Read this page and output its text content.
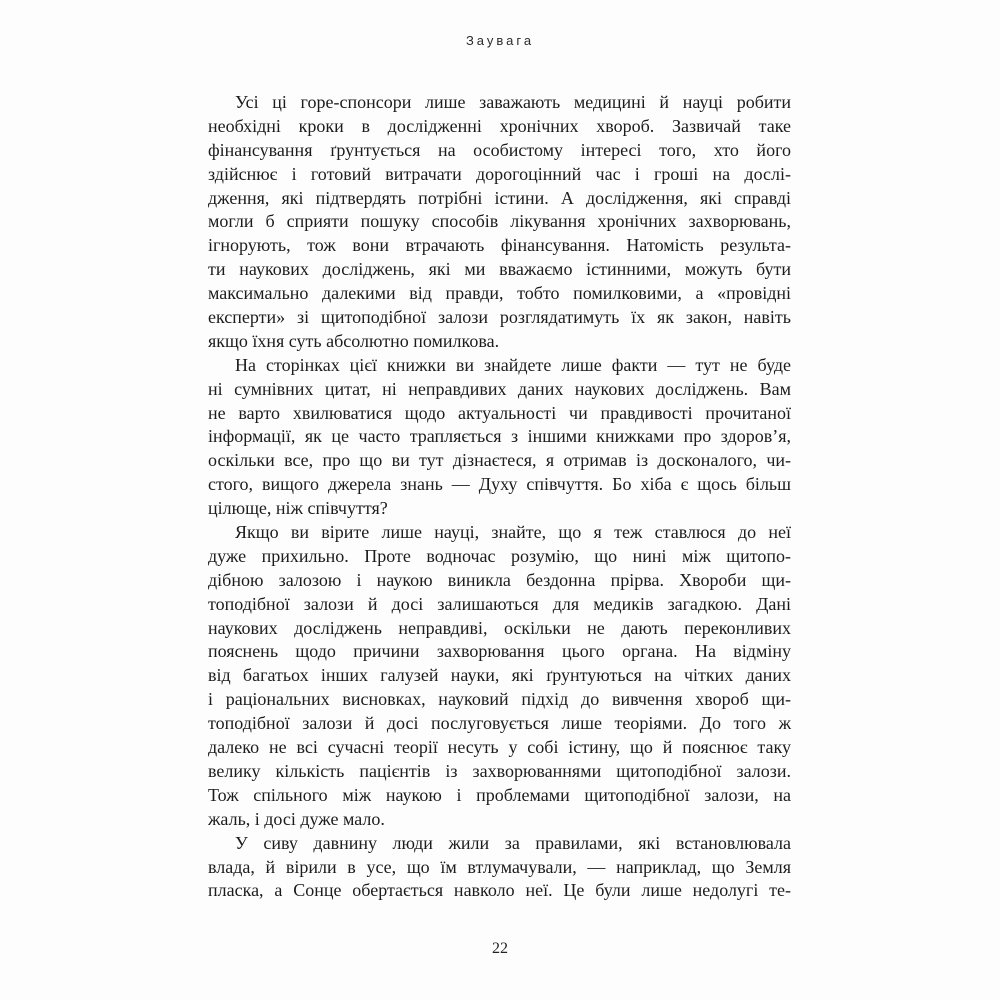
Заувага
Усі ці горе-спонсори лише заважають медицині й науці робити
необхідні кроки в дослідженні хронічних хвороб. Зазвичай таке
фінансування ґрунтується на особистому інтересі того, хто його
здійснює і готовий витрачати дорогоцінний час і гроші на дослі-
дження, які підтвердять потрібні істини. А дослідження, які справді
могли б сприяти пошуку способів лікування хронічних захворювань,
ігнорують, тож вони втрачають фінансування. Натомість результа-
ти наукових досліджень, які ми вважаємо істинними, можуть бути
максимально далекими від правди, тобто помилковими, а «провідні
експерти» зі щитоподібної залози розглядатимуть їх як закон, навіть
якщо їхня суть абсолютно помилкова.
На сторінках цієї книжки ви знайдете лише факти — тут не буде
ні сумнівних цитат, ні неправдивих даних наукових досліджень. Вам
не варто хвилюватися щодо актуальності чи правдивості прочитаної
інформації, як це часто трапляється з іншими книжками про здоров’я,
оскільки все, про що ви тут дізнаєтеся, я отримав із досконалого, чи-
стого, вищого джерела знань — Духу співчуття. Бо хіба є щось більш
цілюще, ніж співчуття?
Якщо ви вірите лише науці, знайте, що я теж ставлюся до неї
дуже прихильно. Проте водночас розумію, що нині між щитопо-
дібною залозою і наукою виникла бездонна прірва. Хвороби щи-
топодібної залози й досі залишаються для медиків загадкою. Дані
наукових досліджень неправдиві, оскільки не дають переконливих
пояснень щодо причини захворювання цього органа. На відміну
від багатьох інших галузей науки, які ґрунтуються на чітких даних
і раціональних висновках, науковий підхід до вивчення хвороб щи-
топодібної залози й досі послуговується лише теоріями. До того ж
далеко не всі сучасні теорії несуть у собі істину, що й пояснює таку
велику кількість пацієнтів із захворюваннями щитоподібної залози.
Тож спільного між наукою і проблемами щитоподібної залози, на
жаль, і досі дуже мало.
У сиву давнину люди жили за правилами, які встановлювала
влада, й вірили в усе, що їм втлумачували, — наприклад, що Земля
пласка, а Сонце обертається навколо неї. Це були лише недолугі те-
22
